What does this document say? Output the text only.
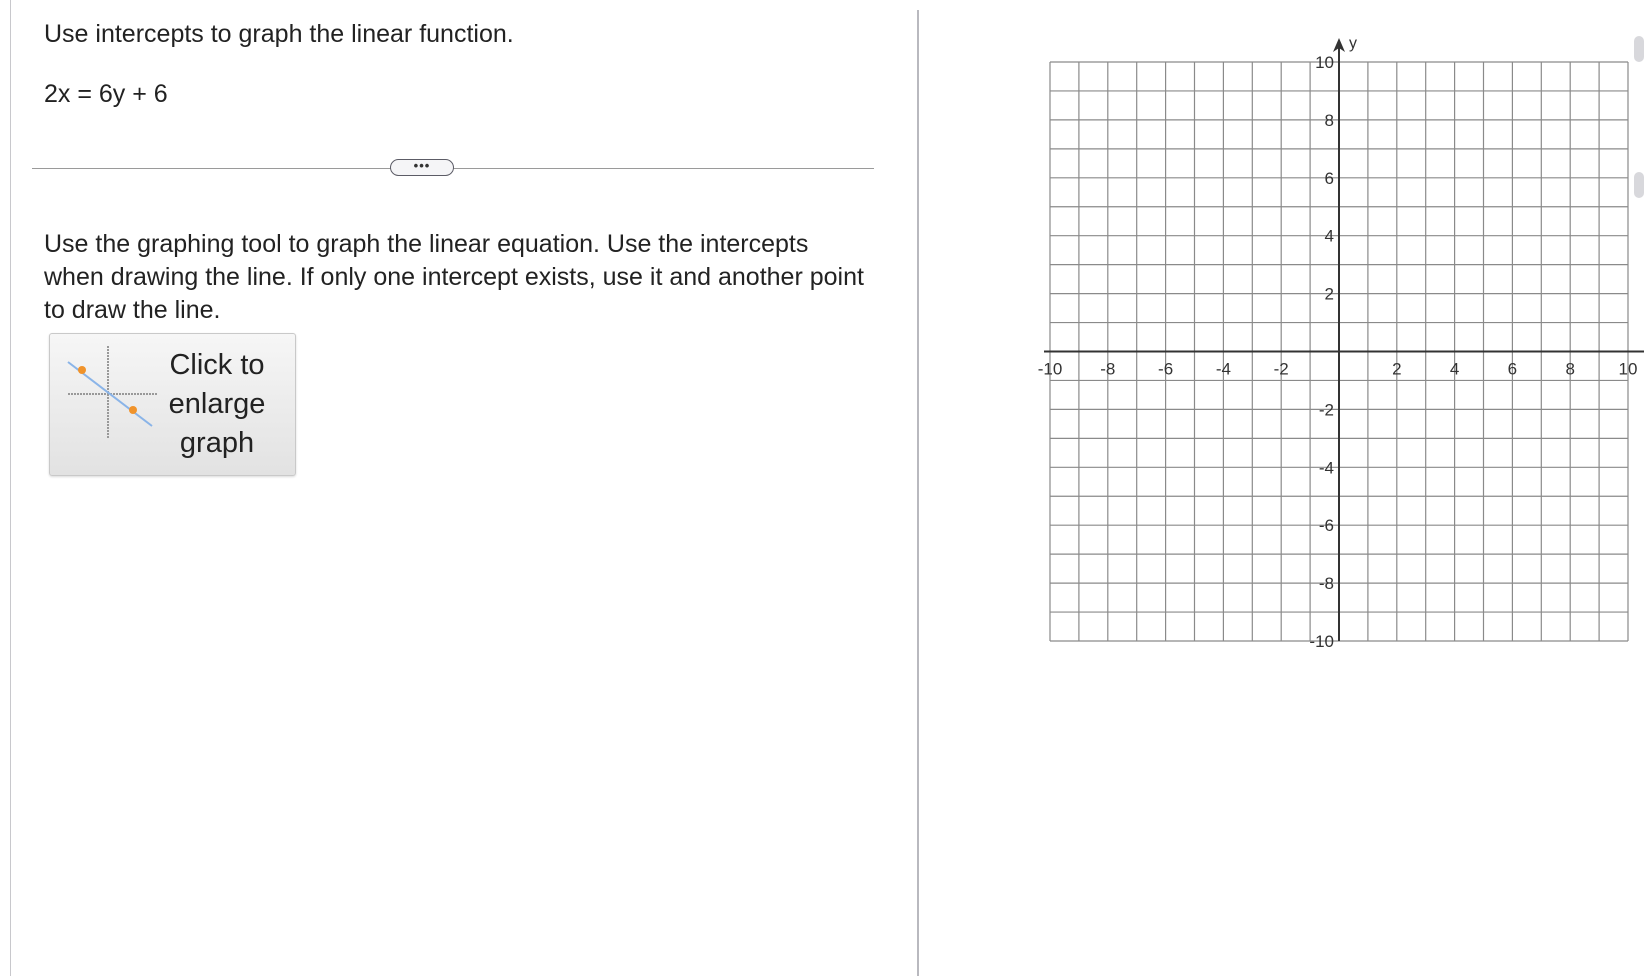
Use intercepts to graph the linear function.
2x = 6y + 6
•••
Use the graphing tool to graph the linear equation. Use the intercepts when drawing the line. If only one intercept exists, use it and another point to draw the line.
Click to enlarge graph
y
-10 -8	-6	-4	-2	2	4	6	8	10
10
8
6
4
2
-2
-4
-6
-8
-10
